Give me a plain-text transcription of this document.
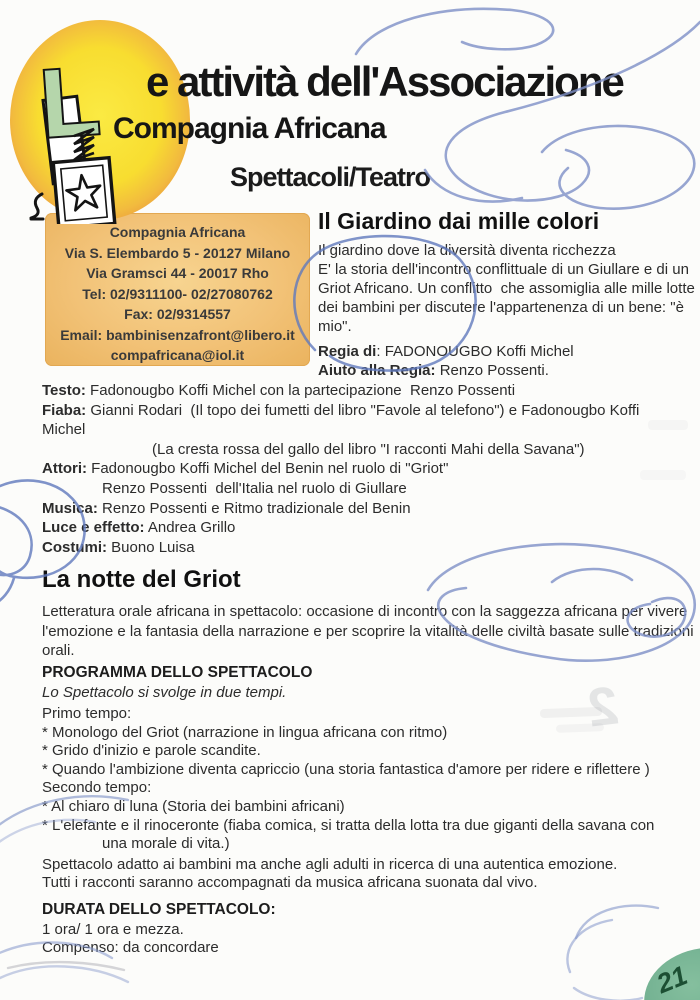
2
L e attività dell'Associazione
Compagnia Africana
Spettacoli/Teatro

Compagnia Africana

Via S. Elembardo 5 - 20127 Milano

Via Gramsci 44 - 20017 Rho

Tel: 02/9311100- 02/27080762

Fax: 02/9314557

Email: bambinisenzafront@libero.it

compafricana@iol.it

Il Giardino dai mille colori
Il giardino dove la diversità diventa ricchezza
E' la storia dell'incontro conflittuale di un Giullare e di un Griot Africano. Un conflitto  che assomiglia alle mille lotte dei bambini per discutere l'appartenenza di un bene: "è mio".
Regia di: FADONOUGBO Koffi Michel
Aiuto alla Regia: Renzo Possenti.

Testo: Fadonougbo Koffi Michel con la partecipazione  Renzo Possenti

Fiaba: Gianni Rodari  (Il topo dei fumetti del libro "Favole al telefono") e Fadonougbo Koffi

Michel

(La cresta rossa del gallo del libro "I racconti Mahi della Savana")

Attori: Fadonougbo Koffi Michel del Benin nel ruolo di "Griot"

Renzo Possenti  dell'Italia nel ruolo di Giullare

Musica: Renzo Possenti e Ritmo tradizionale del Benin

Luce e effetto: Andrea Grillo

Costumi: Buono Luisa

La notte del Griot
Letteratura orale africana in spettacolo: occasione di incontro con la saggezza africana per vivere l'emozione e la fantasia della narrazione e per scoprire la vitalità delle civiltà basate sulle tradizioni orali.
PROGRAMMA DELLO SPETTACOLO
Lo Spettacolo si svolge in due tempi.

Primo tempo:

* Monologo del Griot (narrazione in lingua africana con ritmo)

* Grido d'inizio e parole scandite.

* Quando l'ambizione diventa capriccio (una storia fantastica d'amore per ridere e riflettere )

Secondo tempo:

* Al chiaro di luna (Storia dei bambini africani)

* L'elefante e il rinoceronte (fiaba comica, si tratta della lotta tra due giganti della savana con

una morale di vita.)

Spettacolo adatto ai bambini ma anche agli adulti in ricerca di una autentica emozione.
Tutti i racconti saranno accompagnati da musica africana suonata dal vivo.
DURATA DELLO SPETTACOLO:
1 ora/ 1 ora e mezza.
Compenso: da concordare
21
